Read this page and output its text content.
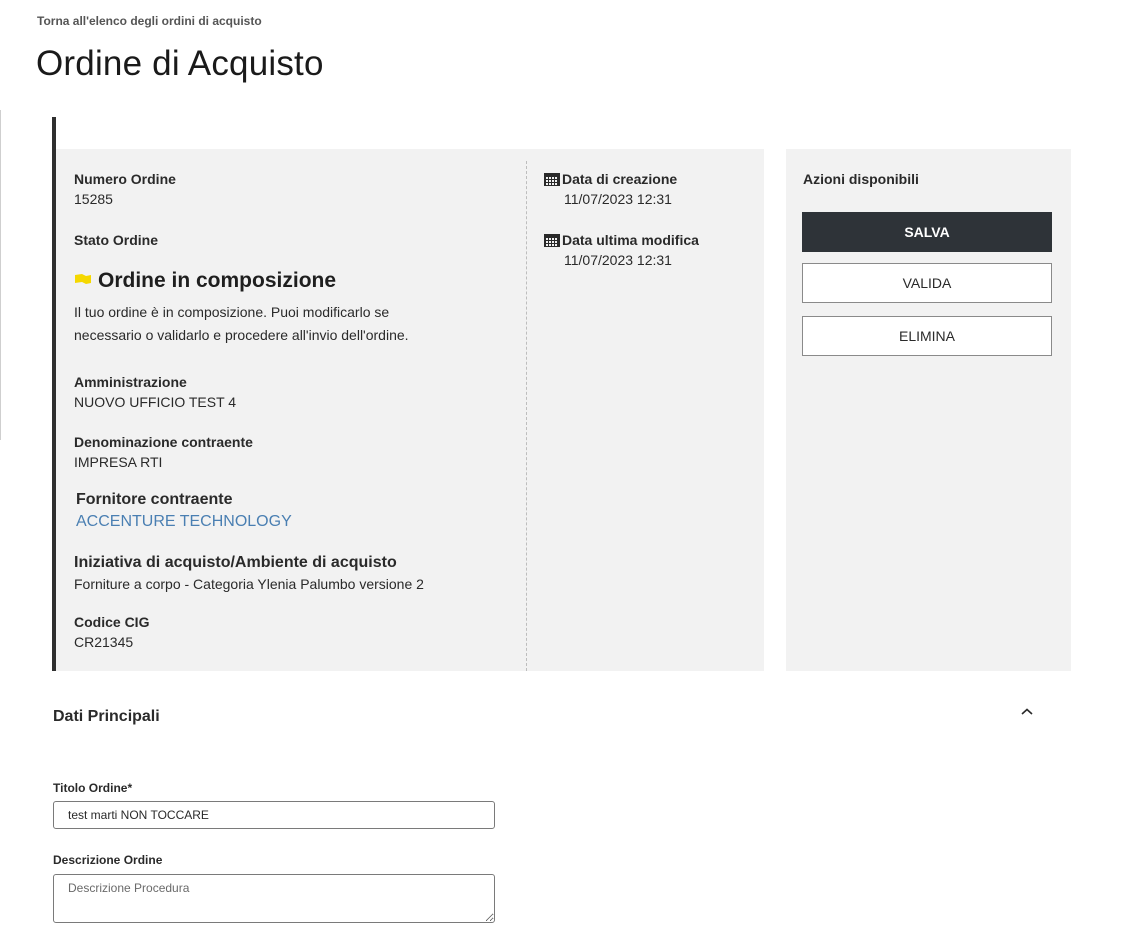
Torna all'elenco degli ordini di acquisto
Ordine di Acquisto
Numero Ordine
15285
Stato Ordine
Ordine in composizione
Il tuo ordine è in composizione. Puoi modificarlo se
necessario o validarlo e procedere all'invio dell'ordine.
Amministrazione
NUOVO UFFICIO TEST 4
Denominazione contraente
IMPRESA RTI
Fornitore contraente
ACCENTURE TECHNOLOGY
Iniziativa di acquisto/Ambiente di acquisto
Forniture a corpo - Categoria Ylenia Palumbo versione 2
Codice CIG
CR21345
Data di creazione
11/07/2023 12:31
Data ultima modifica
11/07/2023 12:31
Azioni disponibili
SALVA
VALIDA
ELIMINA
Dati Principali
Titolo Ordine*
test marti NON TOCCARE
Descrizione Ordine
Descrizione Procedura
